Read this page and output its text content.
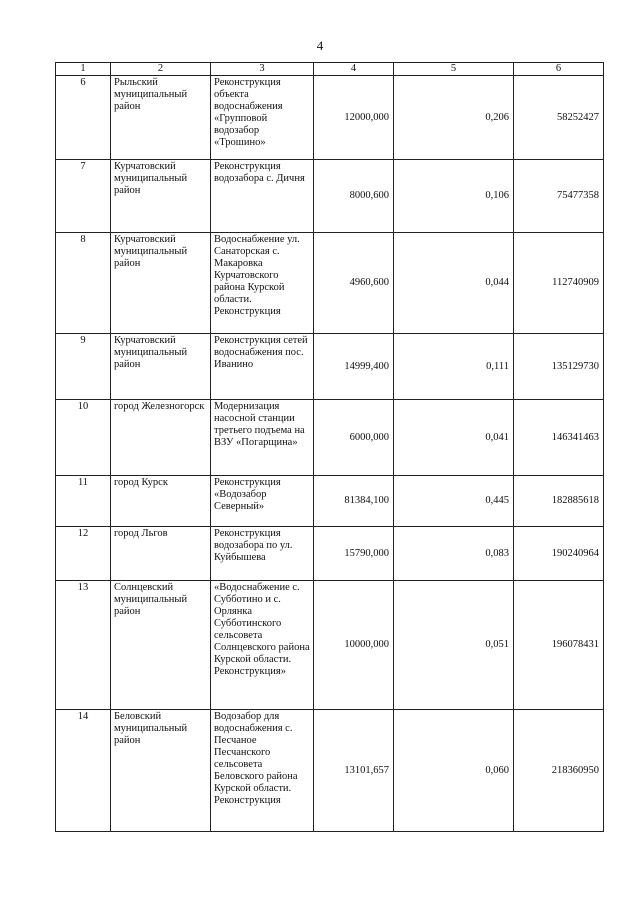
4
1	2	3	4	5	6
6	Рыльский муниципальный район	Реконструкция объекта водоснабжения «Групповой водозабор «Трошино»	12000,000	0,206	58252427
7	Курчатовский муниципальный район	Реконструкция водозабора с. Дичня	8000,600	0,106	75477358
8	Курчатовский муниципальный район	Водоснабжение ул. Санаторская с. Макаровка Курчатовского района Курской области. Реконструкция	4960,600	0,044	112740909
9	Курчатовский муниципальный район	Реконструкция сетей водоснабжения пос. Иванино	14999,400	0,111	135129730
10	город Железногорск	Модернизация насосной станции третьего подъема на ВЗУ «Погарщина»	6000,000	0,041	146341463
11	город Курск	Реконструкция «Водозабор Северный»	81384,100	0,445	182885618
12	город Льгов	Реконструкция водозабора по ул. Куйбышева	15790,000	0,083	190240964
13	Солнцевский муниципальный район	«Водоснабжение с. Субботино и с. Орлянка Субботинского сельсовета Солнцевского района Курской области. Реконструкция»	10000,000	0,051	196078431
14	Беловский муниципальный район	Водозабор для водоснабжения с. Песчаное Песчанского сельсовета Беловского района Курской области. Реконструкция	13101,657	0,060	218360950
